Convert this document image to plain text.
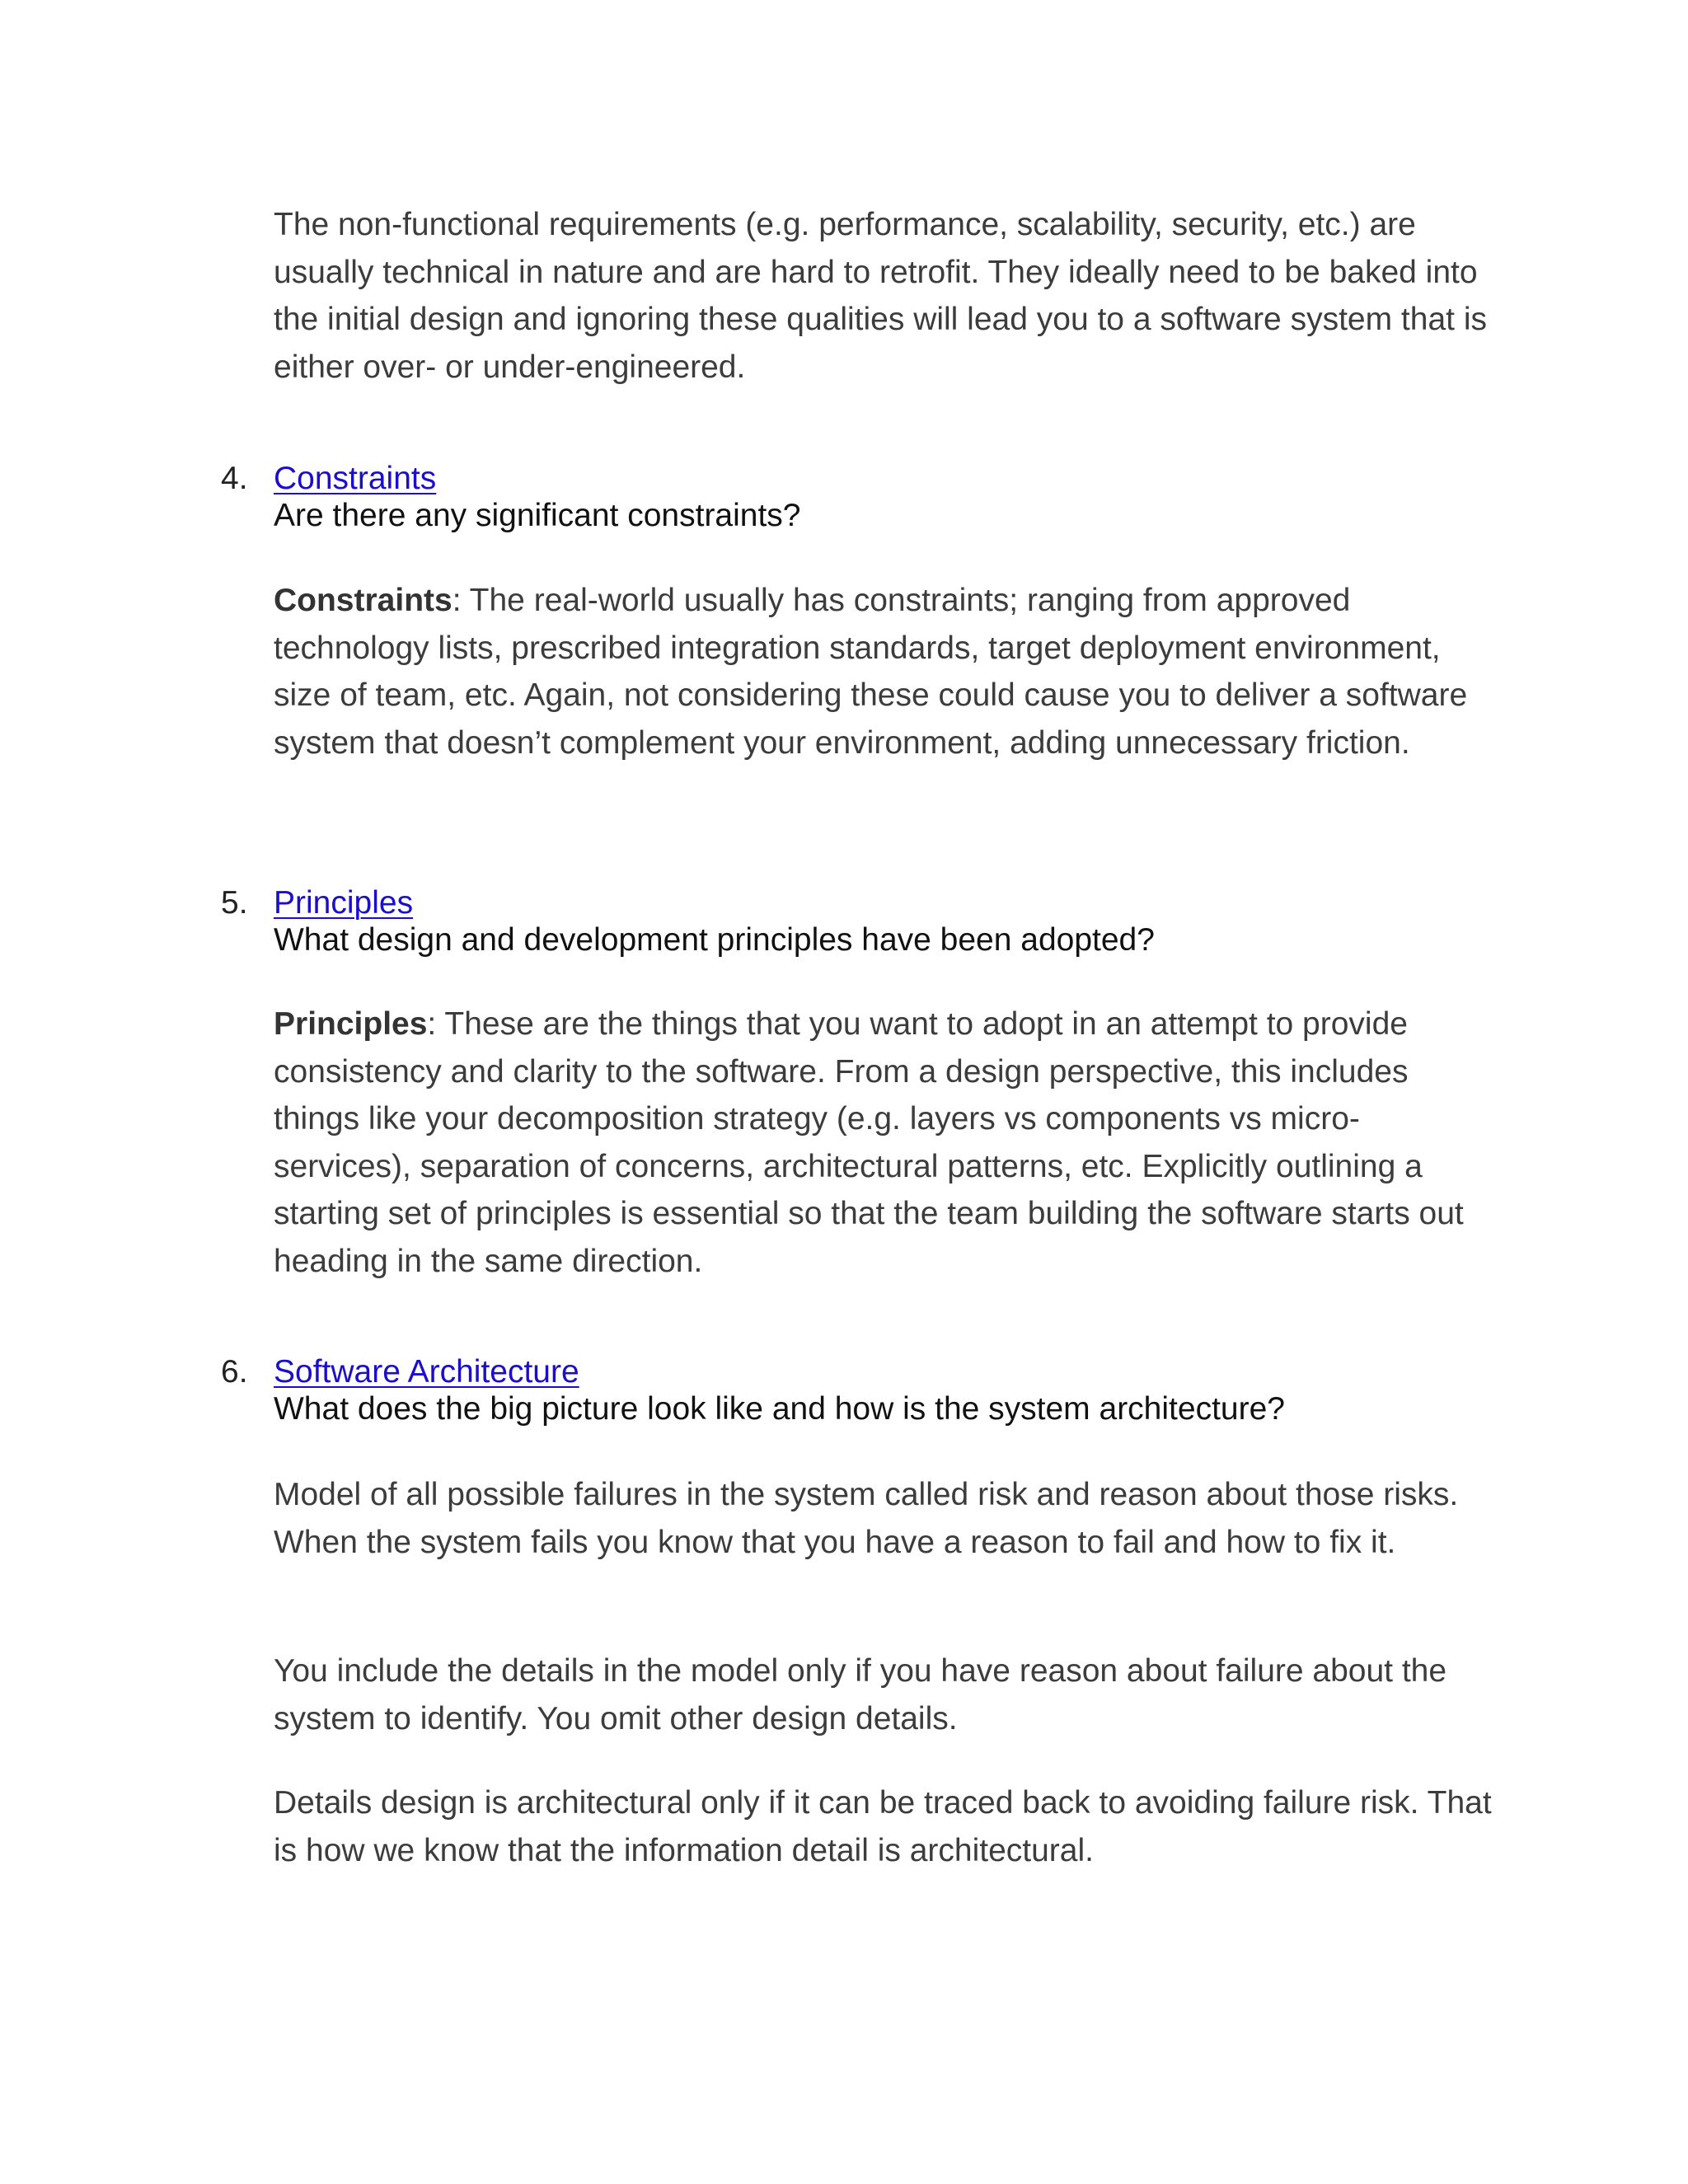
The non-functional requirements (e.g. performance, scalability, security, etc.) are usually technical in nature and are hard to retrofit. They ideally need to be baked into the initial design and ignoring these qualities will lead you to a software system that is either over- or under-engineered.

4. Constraints
Are there any significant constraints?

Constraints: The real-world usually has constraints; ranging from approved technology lists, prescribed integration standards, target deployment environment, size of team, etc. Again, not considering these could cause you to deliver a software system that doesn’t complement your environment, adding unnecessary friction.

5. Principles
What design and development principles have been adopted?

Principles: These are the things that you want to adopt in an attempt to provide consistency and clarity to the software. From a design perspective, this includes things like your decomposition strategy (e.g. layers vs components vs micro-services), separation of concerns, architectural patterns, etc. Explicitly outlining a starting set of principles is essential so that the team building the software starts out heading in the same direction.

6. Software Architecture
What does the big picture look like and how is the system architecture?

Model of all possible failures in the system called risk and reason about those risks. When the system fails you know that you have a reason to fail and how to fix it.

You include the details in the model only if you have reason about failure about the system to identify. You omit other design details.

Details design is architectural only if it can be traced back to avoiding failure risk. That is how we know that the information detail is architectural.
